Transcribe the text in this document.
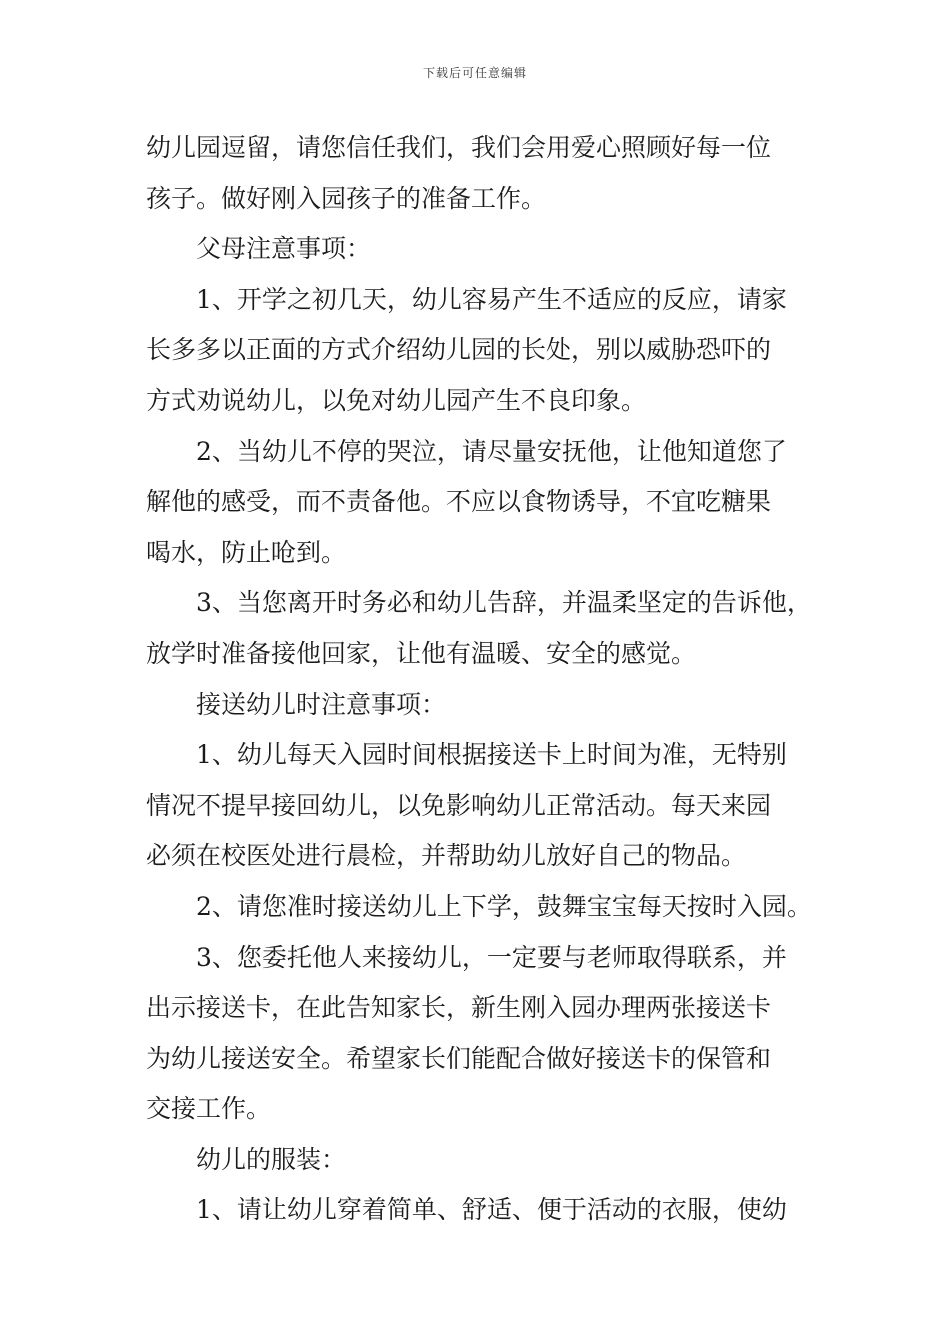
下载后可任意编辑
幼儿园逗留，请您信任我们，我们会用爱心照顾好每一位
孩子。做好刚入园孩子的准备工作。
父母注意事项：
1、开学之初几天，幼儿容易产生不适应的反应，请家
长多多以正面的方式介绍幼儿园的长处，别以威胁恐吓的
方式劝说幼儿，以免对幼儿园产生不良印象。
2、当幼儿不停的哭泣，请尽量安抚他，让他知道您了
解他的感受，而不责备他。不应以食物诱导，不宜吃糖果
喝水，防止呛到。
3、当您离开时务必和幼儿告辞，并温柔坚定的告诉他，
放学时准备接他回家，让他有温暖、安全的感觉。
接送幼儿时注意事项：
1、幼儿每天入园时间根据接送卡上时间为准，无特别
情况不提早接回幼儿，以免影响幼儿正常活动。每天来园
必须在校医处进行晨检，并帮助幼儿放好自己的物品。
2、请您准时接送幼儿上下学，鼓舞宝宝每天按时入园。
3、您委托他人来接幼儿，一定要与老师取得联系，并
出示接送卡，在此告知家长，新生刚入园办理两张接送卡
为幼儿接送安全。希望家长们能配合做好接送卡的保管和
交接工作。
幼儿的服装：
1、请让幼儿穿着简单、舒适、便于活动的衣服，使幼
